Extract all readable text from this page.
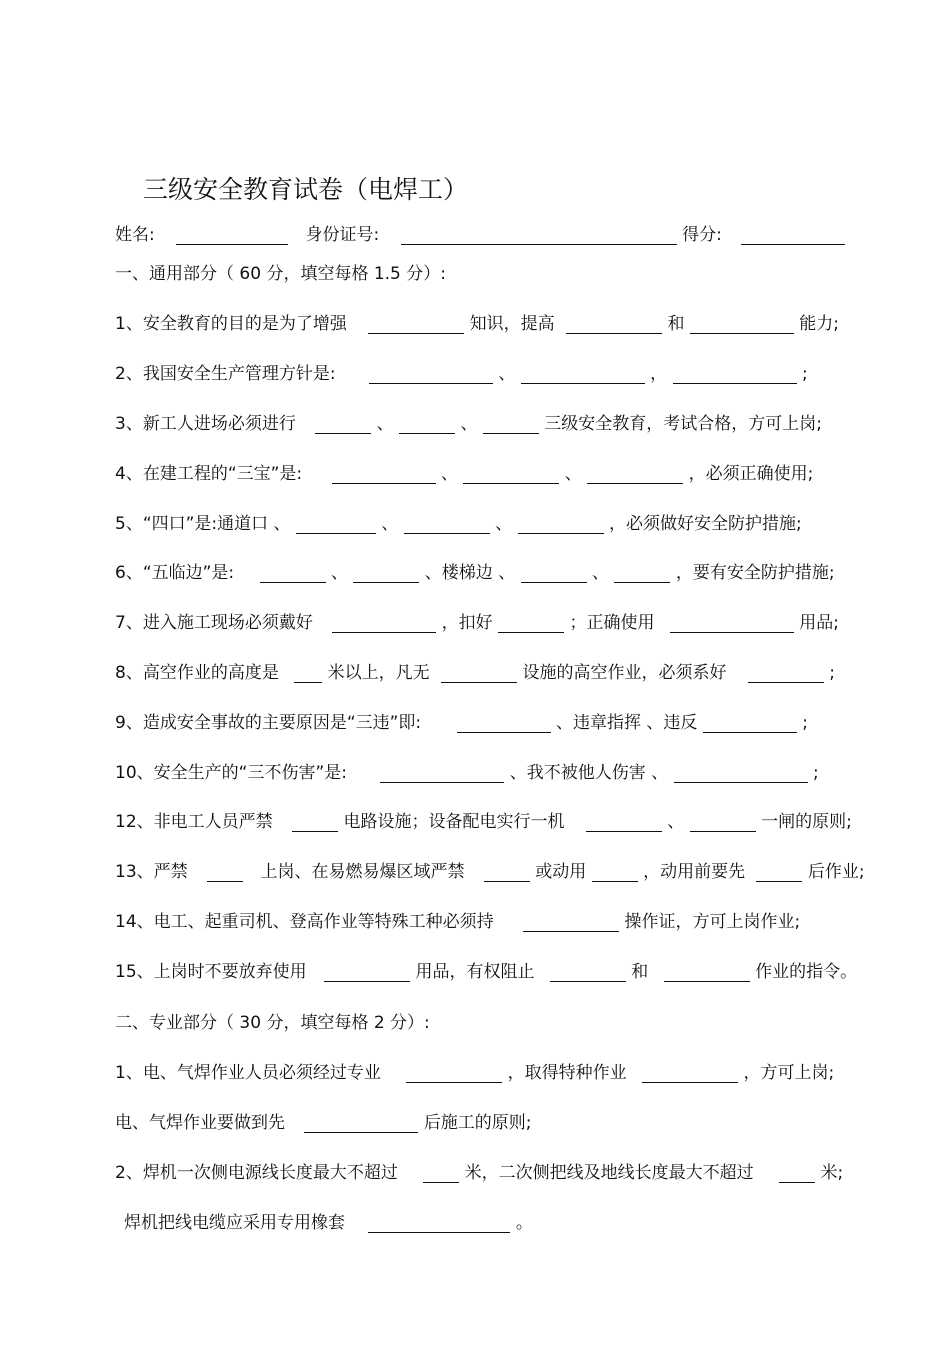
三级安全教育试卷（电焊工）
姓名:	身份证号:	得分:
一、通用部分（ 60 分，填空每格 1.5 分）:
1、安全教育的目的是为了增强	知识，提高	和	能力;
2、我国安全生产管理方针是:	、	，	;
3、新工人进场必须进行	、	、	三级安全教育，考试合格，方可上岗;
4、在建工程的“三宝”是:	、	、	，必须正确使用;
5、“四口”是:通道口 、	、	、	，必须做好安全防护措施;
6、“五临边”是:	、	、楼梯边 、	、	，要有安全防护措施;
7、进入施工现场必须戴好	，扣好	；正确使用	用品;
8、高空作业的高度是	米以上，凡无	设施的高空作业，必须系好	;
9、造成安全事故的主要原因是“三违”即:	、违章指挥 、违反	;
10、安全生产的“三不伤害”是:	、我不被他人伤害 、	;
12、非电工人员严禁	电路设施；设备配电实行一机	、	一闸的原则;
13、严禁	上岗、在易燃易爆区域严禁	或动用	，动用前要先	后作业;
14、电工、起重司机、登高作业等特殊工种必须持	操作证，方可上岗作业;
15、上岗时不要放弃使用	用品，有权阻止	和	作业的指令。
二、专业部分（ 30 分，填空每格 2 分）:
1、电、气焊作业人员必须经过专业	，取得特种作业	，方可上岗;
电、气焊作业要做到先	后施工的原则;
2、焊机一次侧电源线长度最大不超过	米，二次侧把线及地线长度最大不超过	米;
焊机把线电缆应采用专用橡套	。
